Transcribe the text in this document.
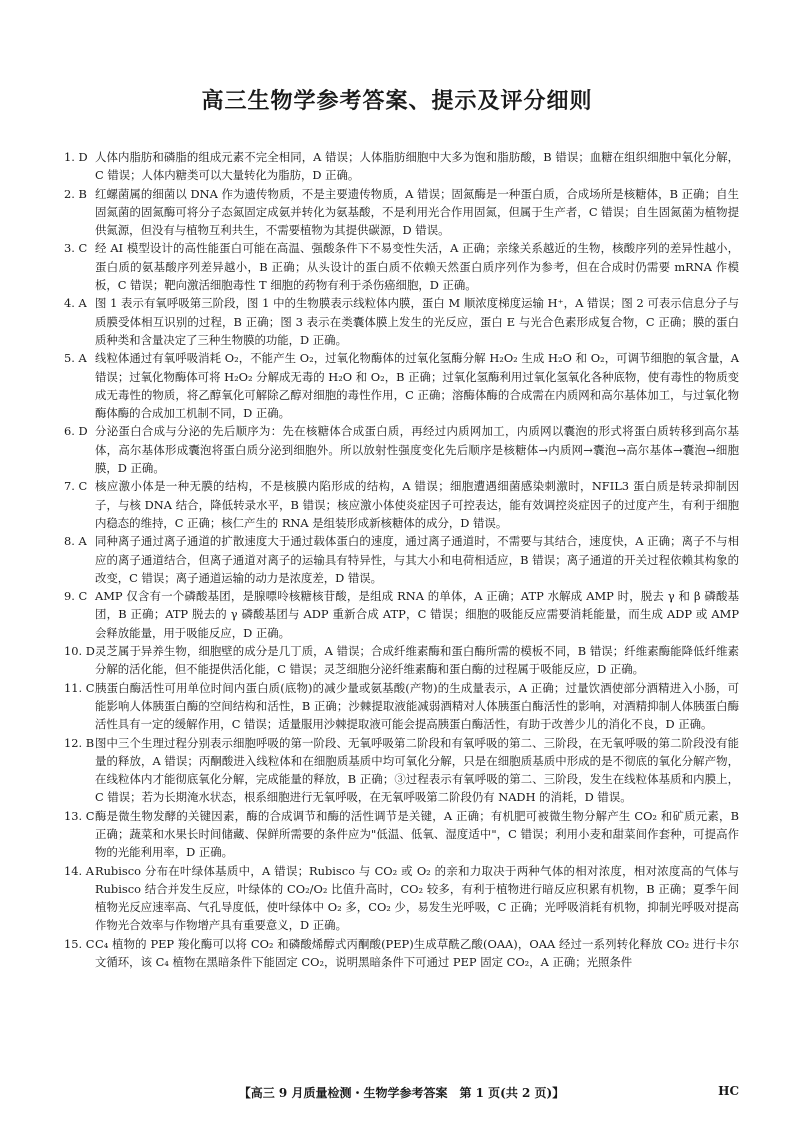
高三生物学参考答案、提示及评分细则

1. D 人体内脂肪和磷脂的组成元素不完全相同，A 错误；人体脂肪细胞中大多为饱和脂肪酸，B 错误；血糖在组织细胞中氧化分解，C 错误；人体内糖类可以大量转化为脂肪，D 正确。

2. B 红螺菌属的细菌以 DNA 作为遗传物质，不是主要遗传物质，A 错误；固氮酶是一种蛋白质，合成场所是核糖体，B 正确；自生固氮菌的固氮酶可将分子态氮固定成氨并转化为氨基酸，不是利用光合作用固氮，但属于生产者，C 错误；自生固氮菌为植物提供氮源，但没有与植物互利共生，不需要植物为其提供碳源，D 错误。

3. C 经 AI 模型设计的高性能蛋白可能在高温、强酸条件下不易变性失活，A 正确；亲缘关系越近的生物，核酸序列的差异性越小，蛋白质的氨基酸序列差异越小，B 正确；从头设计的蛋白质不依赖天然蛋白质序列作为参考，但在合成时仍需要 mRNA 作模板，C 错误；靶向激活细胞毒性 T 细胞的药物有利于杀伤癌细胞，D 正确。

4. A 图 1 表示有氧呼吸第三阶段，图 1 中的生物膜表示线粒体内膜，蛋白 M 顺浓度梯度运输 H⁺，A 错误；图 2 可表示信息分子与质膜受体相互识别的过程，B 正确；图 3 表示在类囊体膜上发生的光反应，蛋白 E 与光合色素形成复合物，C 正确；膜的蛋白质种类和含量决定了三种生物膜的功能，D 正确。

5. A 线粒体通过有氧呼吸消耗 O₂，不能产生 O₂，过氧化物酶体的过氧化氢酶分解 H₂O₂ 生成 H₂O 和 O₂，可调节细胞的氧含量，A 错误；过氧化物酶体可将 H₂O₂ 分解成无毒的 H₂O 和 O₂，B 正确；过氧化氢酶利用过氧化氢氧化各种底物，使有毒性的物质变成无毒性的物质，将乙醇氧化可解除乙醇对细胞的毒性作用，C 正确；溶酶体酶的合成需在内质网和高尔基体加工，与过氧化物酶体酶的合成加工机制不同，D 正确。

6. D 分泌蛋白合成与分泌的先后顺序为：先在核糖体合成蛋白质，再经过内质网加工，内质网以囊泡的形式将蛋白质转移到高尔基体，高尔基体形成囊泡将蛋白质分泌到细胞外。所以放射性强度变化先后顺序是核糖体→内质网→囊泡→高尔基体→囊泡→细胞膜，D 正确。

7. C 核应激小体是一种无膜的结构，不是核膜内陷形成的结构，A 错误；细胞遭遇细菌感染刺激时，NFIL3 蛋白质是转录抑制因子，与核 DNA 结合，降低转录水平，B 错误；核应激小体使炎症因子可控表达，能有效调控炎症因子的过度产生，有利于细胞内稳态的维持，C 正确；核仁产生的 RNA 是组装形成新核糖体的成分，D 错误。

8. A 同种离子通过离子通道的扩散速度大于通过载体蛋白的速度，通过离子通道时，不需要与其结合，速度快，A 正确；离子不与相应的离子通道结合，但离子通道对离子的运输具有特异性，与其大小和电荷相适应，B 错误；离子通道的开关过程依赖其构象的改变，C 错误；离子通道运输的动力是浓度差，D 错误。

9. C AMP 仅含有一个磷酸基团，是腺嘌呤核糖核苷酸，是组成 RNA 的单体，A 正确；ATP 水解成 AMP 时，脱去 γ 和 β 磷酸基团，B 正确；ATP 脱去的 γ 磷酸基团与 ADP 重新合成 ATP，C 错误；细胞的吸能反应需要消耗能量，而生成 ADP 或 AMP 会释放能量，用于吸能反应，D 正确。

10. D 灵芝属于异养生物，细胞壁的成分是几丁质，A 错误；合成纤维素酶和蛋白酶所需的模板不同，B 错误；纤维素酶能降低纤维素分解的活化能，但不能提供活化能，C 错误；灵芝细胞分泌纤维素酶和蛋白酶的过程属于吸能反应，D 正确。

11. C 胰蛋白酶活性可用单位时间内蛋白质(底物)的减少量或氨基酸(产物)的生成量表示，A 正确；过量饮酒使部分酒精进入小肠，可能影响人体胰蛋白酶的空间结构和活性，B 正确；沙棘提取液能减弱酒精对人体胰蛋白酶活性的影响，对酒精抑制人体胰蛋白酶活性具有一定的缓解作用，C 错误；适量服用沙棘提取液可能会提高胰蛋白酶活性，有助于改善少儿的消化不良，D 正确。

12. B 图中三个生理过程分别表示细胞呼吸的第一阶段、无氧呼吸第二阶段和有氧呼吸的第二、三阶段，在无氧呼吸的第二阶段没有能量的释放，A 错误；丙酮酸进入线粒体和在细胞质基质中均可氧化分解，只是在细胞质基质中形成的是不彻底的氧化分解产物，在线粒体内才能彻底氧化分解，完成能量的释放，B 正确；③过程表示有氧呼吸的第二、三阶段，发生在线粒体基质和内膜上，C 错误；若为长期淹水状态，根系细胞进行无氧呼吸，在无氧呼吸第二阶段仍有 NADH 的消耗，D 错误。

13. C 酶是微生物发酵的关键因素，酶的合成调节和酶的活性调节是关键，A 正确；有机肥可被微生物分解产生 CO₂ 和矿质元素，B 正确；蔬菜和水果长时间储藏、保鲜所需要的条件应为"低温、低氧、湿度适中"，C 错误；利用小麦和甜菜间作套种，可提高作物的光能利用率，D 正确。

14. A Rubisco 分布在叶绿体基质中，A 错误；Rubisco 与 CO₂ 或 O₂ 的亲和力取决于两种气体的相对浓度，相对浓度高的气体与 Rubisco 结合并发生反应，叶绿体的 CO₂/O₂ 比值升高时，CO₂ 较多，有利于植物进行暗反应积累有机物，B 正确；夏季午间植物光反应速率高、气孔导度低，使叶绿体中 O₂ 多，CO₂ 少，易发生光呼吸，C 正确；光呼吸消耗有机物，抑制光呼吸对提高作物光合效率与作物增产具有重要意义，D 正确。

15. C C₄ 植物的 PEP 羧化酶可以将 CO₂ 和磷酸烯醇式丙酮酸(PEP)生成草酰乙酸(OAA)，OAA 经过一系列转化释放 CO₂ 进行卡尔文循环，该 C₄ 植物在黑暗条件下能固定 CO₂，说明黑暗条件下可通过 PEP 固定 CO₂，A 正确；光照条件

【高三 9 月质量检测・生物学参考答案　第 1 页(共 2 页)】	HC
